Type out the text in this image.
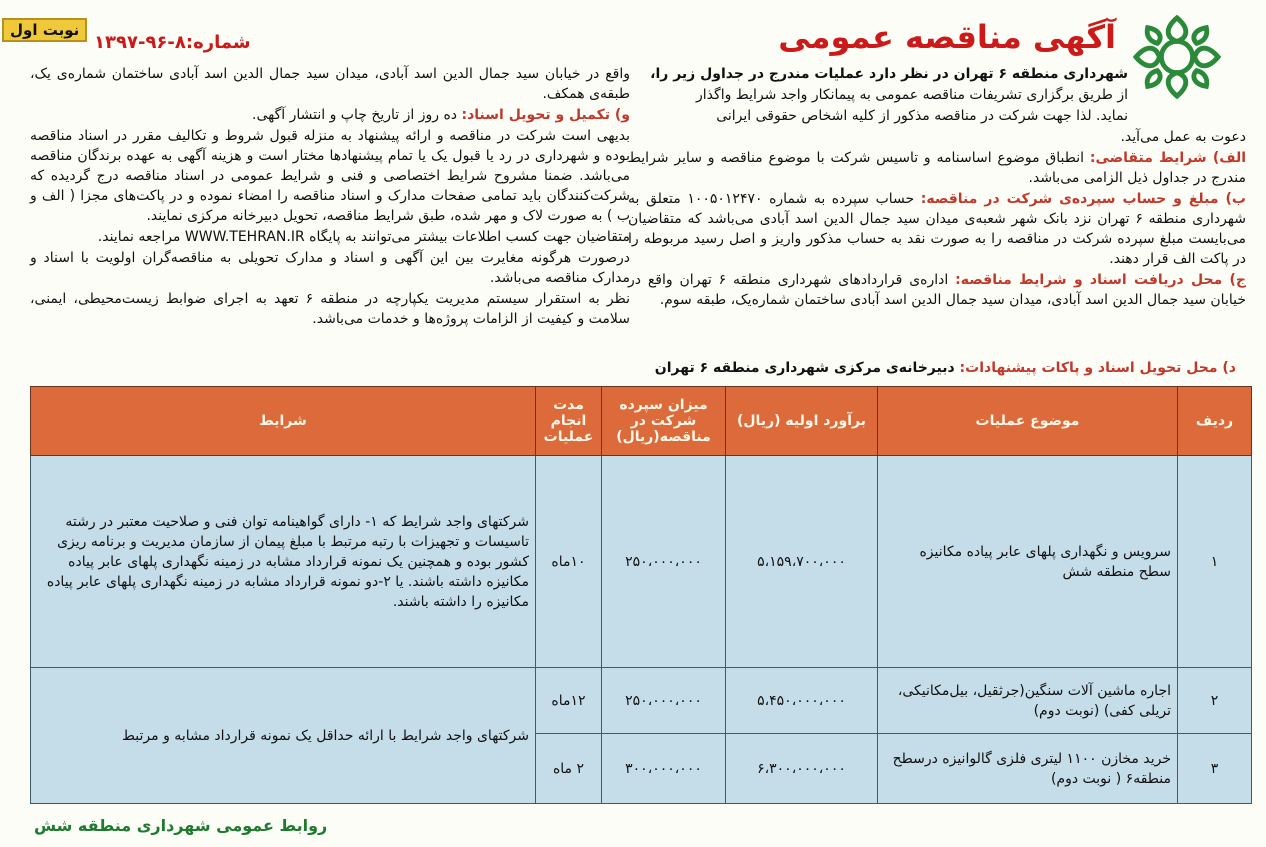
نوبت اول	آگهی مناقصه عمومی
شماره:۸-۹۶-۱۳۹۷

شهرداری منطقه ۶ تهران در نظر دارد عملیات مندرج در جداول زیر را،

از طریق برگزاری تشریفات مناقصه عمومی به پیمانکار واجد شرایط واگذار

نماید. لذا جهت شرکت در مناقصه مذکور از کلیه اشخاص حقوقی ایرانی

دعوت به عمل می‌آید.

الف) شرایط متقاضی: انطباق موضوع اساسنامه و تاسیس شرکت با موضوع مناقصه و سایر شرایط مندرج در جداول ذیل الزامی می‌باشد.

ب) مبلغ و حساب سپرده‌ی شرکت در مناقصه: حساب سپرده به شماره ۱۰۰۵۰۱۲۴۷۰ متعلق به شهرداری منطقه ۶ تهران نزد بانک شهر شعبه‌ی میدان سید جمال الدین اسد آبادی می‌باشد که متقاضیان می‌بایست مبلغ سپرده شرکت در مناقصه را به صورت نقد به حساب مذکور واریز و اصل رسید مربوطه را در پاکت الف قرار دهند.

ج) محل دریافت اسناد و شرایط مناقصه: اداره‌ی قراردادهای شهرداری منطقه ۶ تهران واقع در خیابان سید جمال الدین اسد آبادی، میدان سید جمال الدین اسد آبادی ساختمان شماره‌یک، طبقه سوم.

واقع در خیابان سید جمال الدین اسد آبادی، میدان سید جمال الدین اسد آبادی ساختمان شماره‌ی یک، طبقه‌ی همکف.

و) تکمیل و تحویل اسناد: ده روز از تاریخ چاپ و انتشار آگهی.

بدیهی است شرکت در مناقصه و ارائه پیشنهاد به منزله قبول شروط و تکالیف مقرر در اسناد مناقصه بوده و شهرداری در رد یا قبول یک یا تمام پیشنهادها مختار است و هزینه آگهی به عهده برندگان مناقصه می‌باشد. ضمنا مشروح شرایط اختصاصی و فنی و شرایط عمومی در اسناد مناقصه درج گردیده که شرکت‌کنندگان باید تمامی صفحات مدارک و اسناد مناقصه را امضاء نموده و در پاکت‌های مجزا ( الف و ب ) به صورت لاک و مهر شده، طبق شرایط مناقصه، تحویل دبیرخانه مرکزی نمایند.

متقاضیان جهت کسب اطلاعات بیشتر می‌توانند به پایگاه WWW.TEHRAN.IR مراجعه نمایند.

درصورت هرگونه مغایرت بین این آگهی و اسناد و مدارک تحویلی به مناقصه‌گران اولویت با اسناد و مدارک مناقصه می‌باشد.

نظر به استقرار سیستم مدیریت یکپارچه در منطقه ۶ تعهد به اجرای ضوابط زیست‌محیطی، ایمنی، سلامت و کیفیت از الزامات پروژه‌ها و خدمات می‌باشد.

د) محل تحویل اسناد و پاکات پیشنهادات: دبیرخانه‌ی مرکزی شهرداری منطقه ۶ تهران
ردیف	موضوع عملیات	برآورد اولیه (ریال)	میزان سپرده شرکت در مناقصه(ریال)	مدت انجام عملیات	شرایط
۱	سرویس و نگهداری پلهای عابر پیاده مکانیزه سطح منطقه شش	۵،۱۵۹،۷۰۰،۰۰۰	۲۵۰،۰۰۰،۰۰۰	۱۰ماه	شرکتهای واجد شرایط که ۱- دارای گواهینامه توان فنی و صلاحیت معتبر در رشته تاسیسات و تجهیزات با رتبه مرتبط با مبلغ پیمان از سازمان مدیریت و برنامه ریزی کشور بوده و همچنین یک نمونه قرارداد مشابه در زمینه نگهداری پلهای عابر پیاده مکانیزه داشته باشند. یا ۲-دو نمونه قرارداد مشابه در زمینه نگهداری پلهای عابر پیاده مکانیزه را داشته باشند.
۲	اجاره ماشین آلات سنگین(جرثقیل، بیل‌مکانیکی، تریلی کفی) (نوبت دوم)	۵،۴۵۰،۰۰۰،۰۰۰	۲۵۰،۰۰۰،۰۰۰	۱۲ماه	شرکتهای واجد شرایط با ارائه حداقل یک نمونه قرارداد مشابه و مرتبط
۳	خرید مخازن ۱۱۰۰ لیتری فلزی گالوانیزه درسطح منطقه۶ ( نوبت دوم)	۶،۳۰۰،۰۰۰،۰۰۰	۳۰۰،۰۰۰،۰۰۰	۲ ماه	
روابط عمومی شهرداری منطقه شش
